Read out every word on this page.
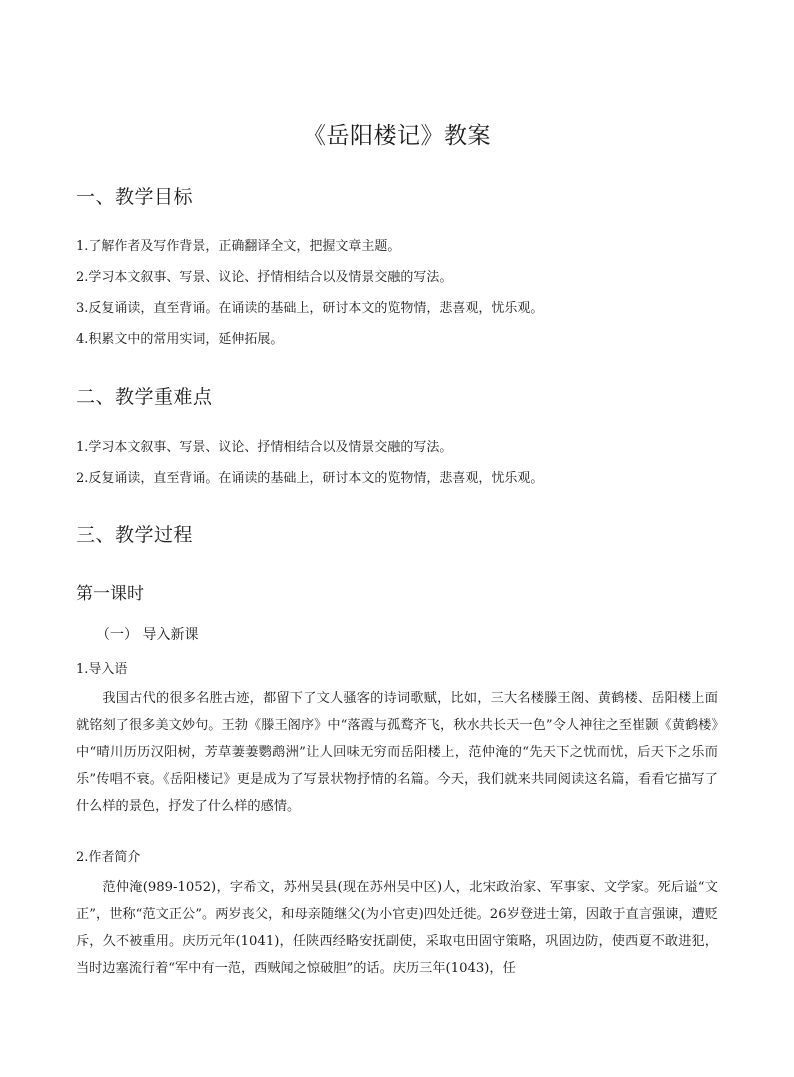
《岳阳楼记》教案
一、教学目标
1.了解作者及写作背景，正确翻译全文，把握文章主题。
2.学习本文叙事、写景、议论、抒情相结合以及情景交融的写法。
3.反复诵读，直至背诵。在诵读的基础上，研讨本文的览物情，悲喜观，忧乐观。
4.积累文中的常用实词，延伸拓展。
二、教学重难点
1.学习本文叙事、写景、议论、抒情相结合以及情景交融的写法。
2.反复诵读，直至背诵。在诵读的基础上，研讨本文的览物情，悲喜观，忧乐观。
三、教学过程
第一课时
（一） 导入新课
1.导入语
我国古代的很多名胜古迹，都留下了文人骚客的诗词歌赋，比如，三大名楼滕王阁、黄鹤楼、岳阳楼上面就铭刻了很多美文妙句。王勃《滕王阁序》中“落霞与孤鹜齐飞，秋水共长天一色”令人神往之至崔颢《黄鹤楼》中“晴川历历汉阳树，芳草萋萋鹦鹉洲”让人回味无穷而岳阳楼上，范仲淹的“先天下之忧而忧，后天下之乐而乐”传唱不衰。《岳阳楼记》更是成为了写景状物抒情的名篇。今天，我们就来共同阅读这名篇，看看它描写了什么样的景色，抒发了什么样的感情。
2.作者简介
范仲淹(989-1052)，字希文，苏州吴县(现在苏州吴中区)人，北宋政治家、军事家、文学家。死后谥“文正”，世称“范文正公”。两岁丧父，和母亲随继父(为小官吏)四处迁徙。26岁登进士第，因敢于直言强谏，遭贬斥，久不被重用。庆历元年(1041)，任陕西经略安抚副使，采取屯田固守策略，巩固边防，使西夏不敢进犯，当时边塞流行着“军中有一范，西贼闻之惊破胆”的话。庆历三年(1043)，任
